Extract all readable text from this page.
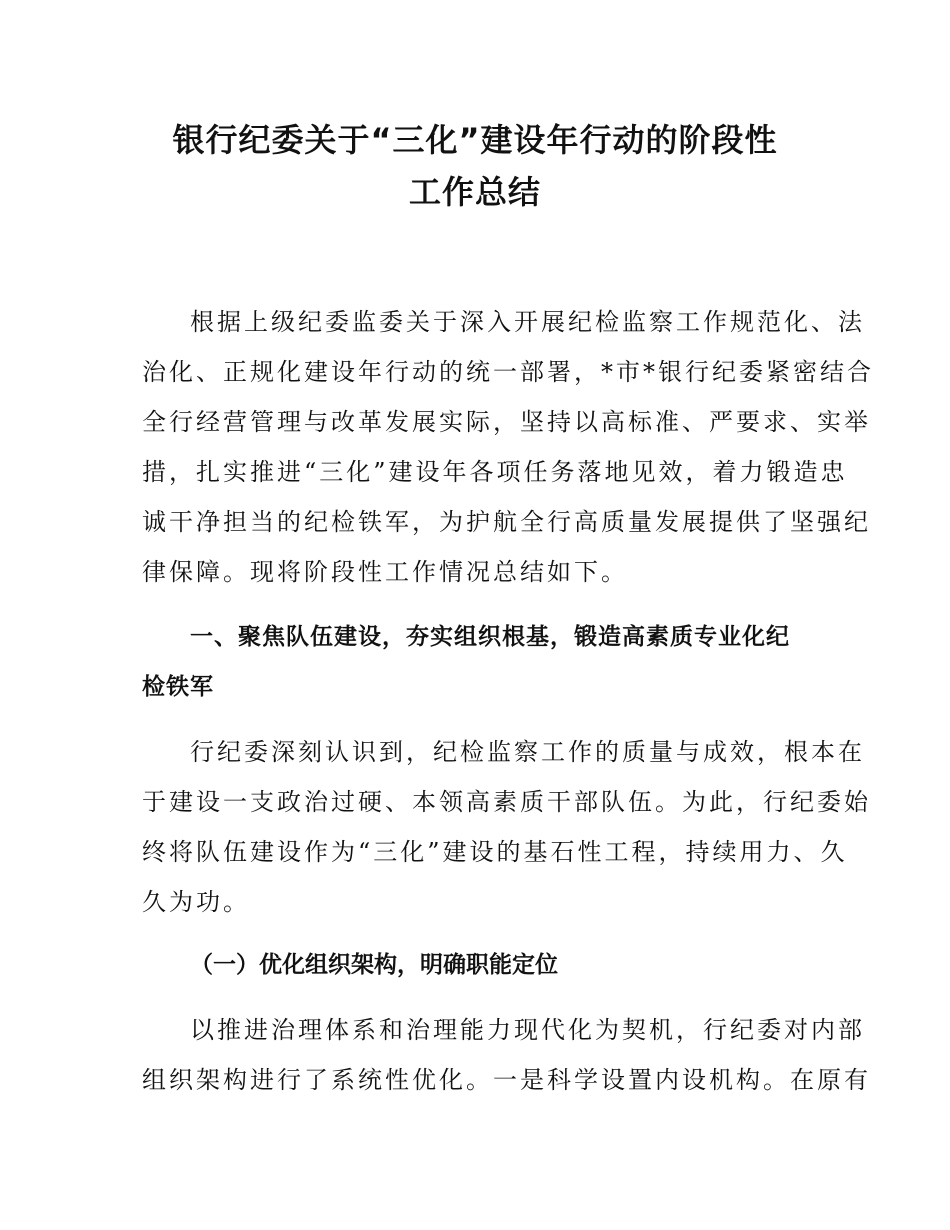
银行纪委关于“三化”建设年行动的阶段性
工作总结
根据上级纪委监委关于深入开展纪检监察工作规范化、法
治化、正规化建设年行动的统一部署，*市*银行纪委紧密结合
全行经营管理与改革发展实际，坚持以高标准、严要求、实举
措，扎实推进“三化”建设年各项任务落地见效，着力锻造忠
诚干净担当的纪检铁军，为护航全行高质量发展提供了坚强纪
律保障。现将阶段性工作情况总结如下。
一、聚焦队伍建设，夯实组织根基，锻造高素质专业化纪
检铁军
行纪委深刻认识到，纪检监察工作的质量与成效，根本在
于建设一支政治过硬、本领高素质干部队伍。为此，行纪委始
终将队伍建设作为“三化”建设的基石性工程，持续用力、久
久为功。
（一）优化组织架构，明确职能定位
以推进治理体系和治理能力现代化为契机，行纪委对内部
组织架构进行了系统性优化。一是科学设置内设机构。在原有
